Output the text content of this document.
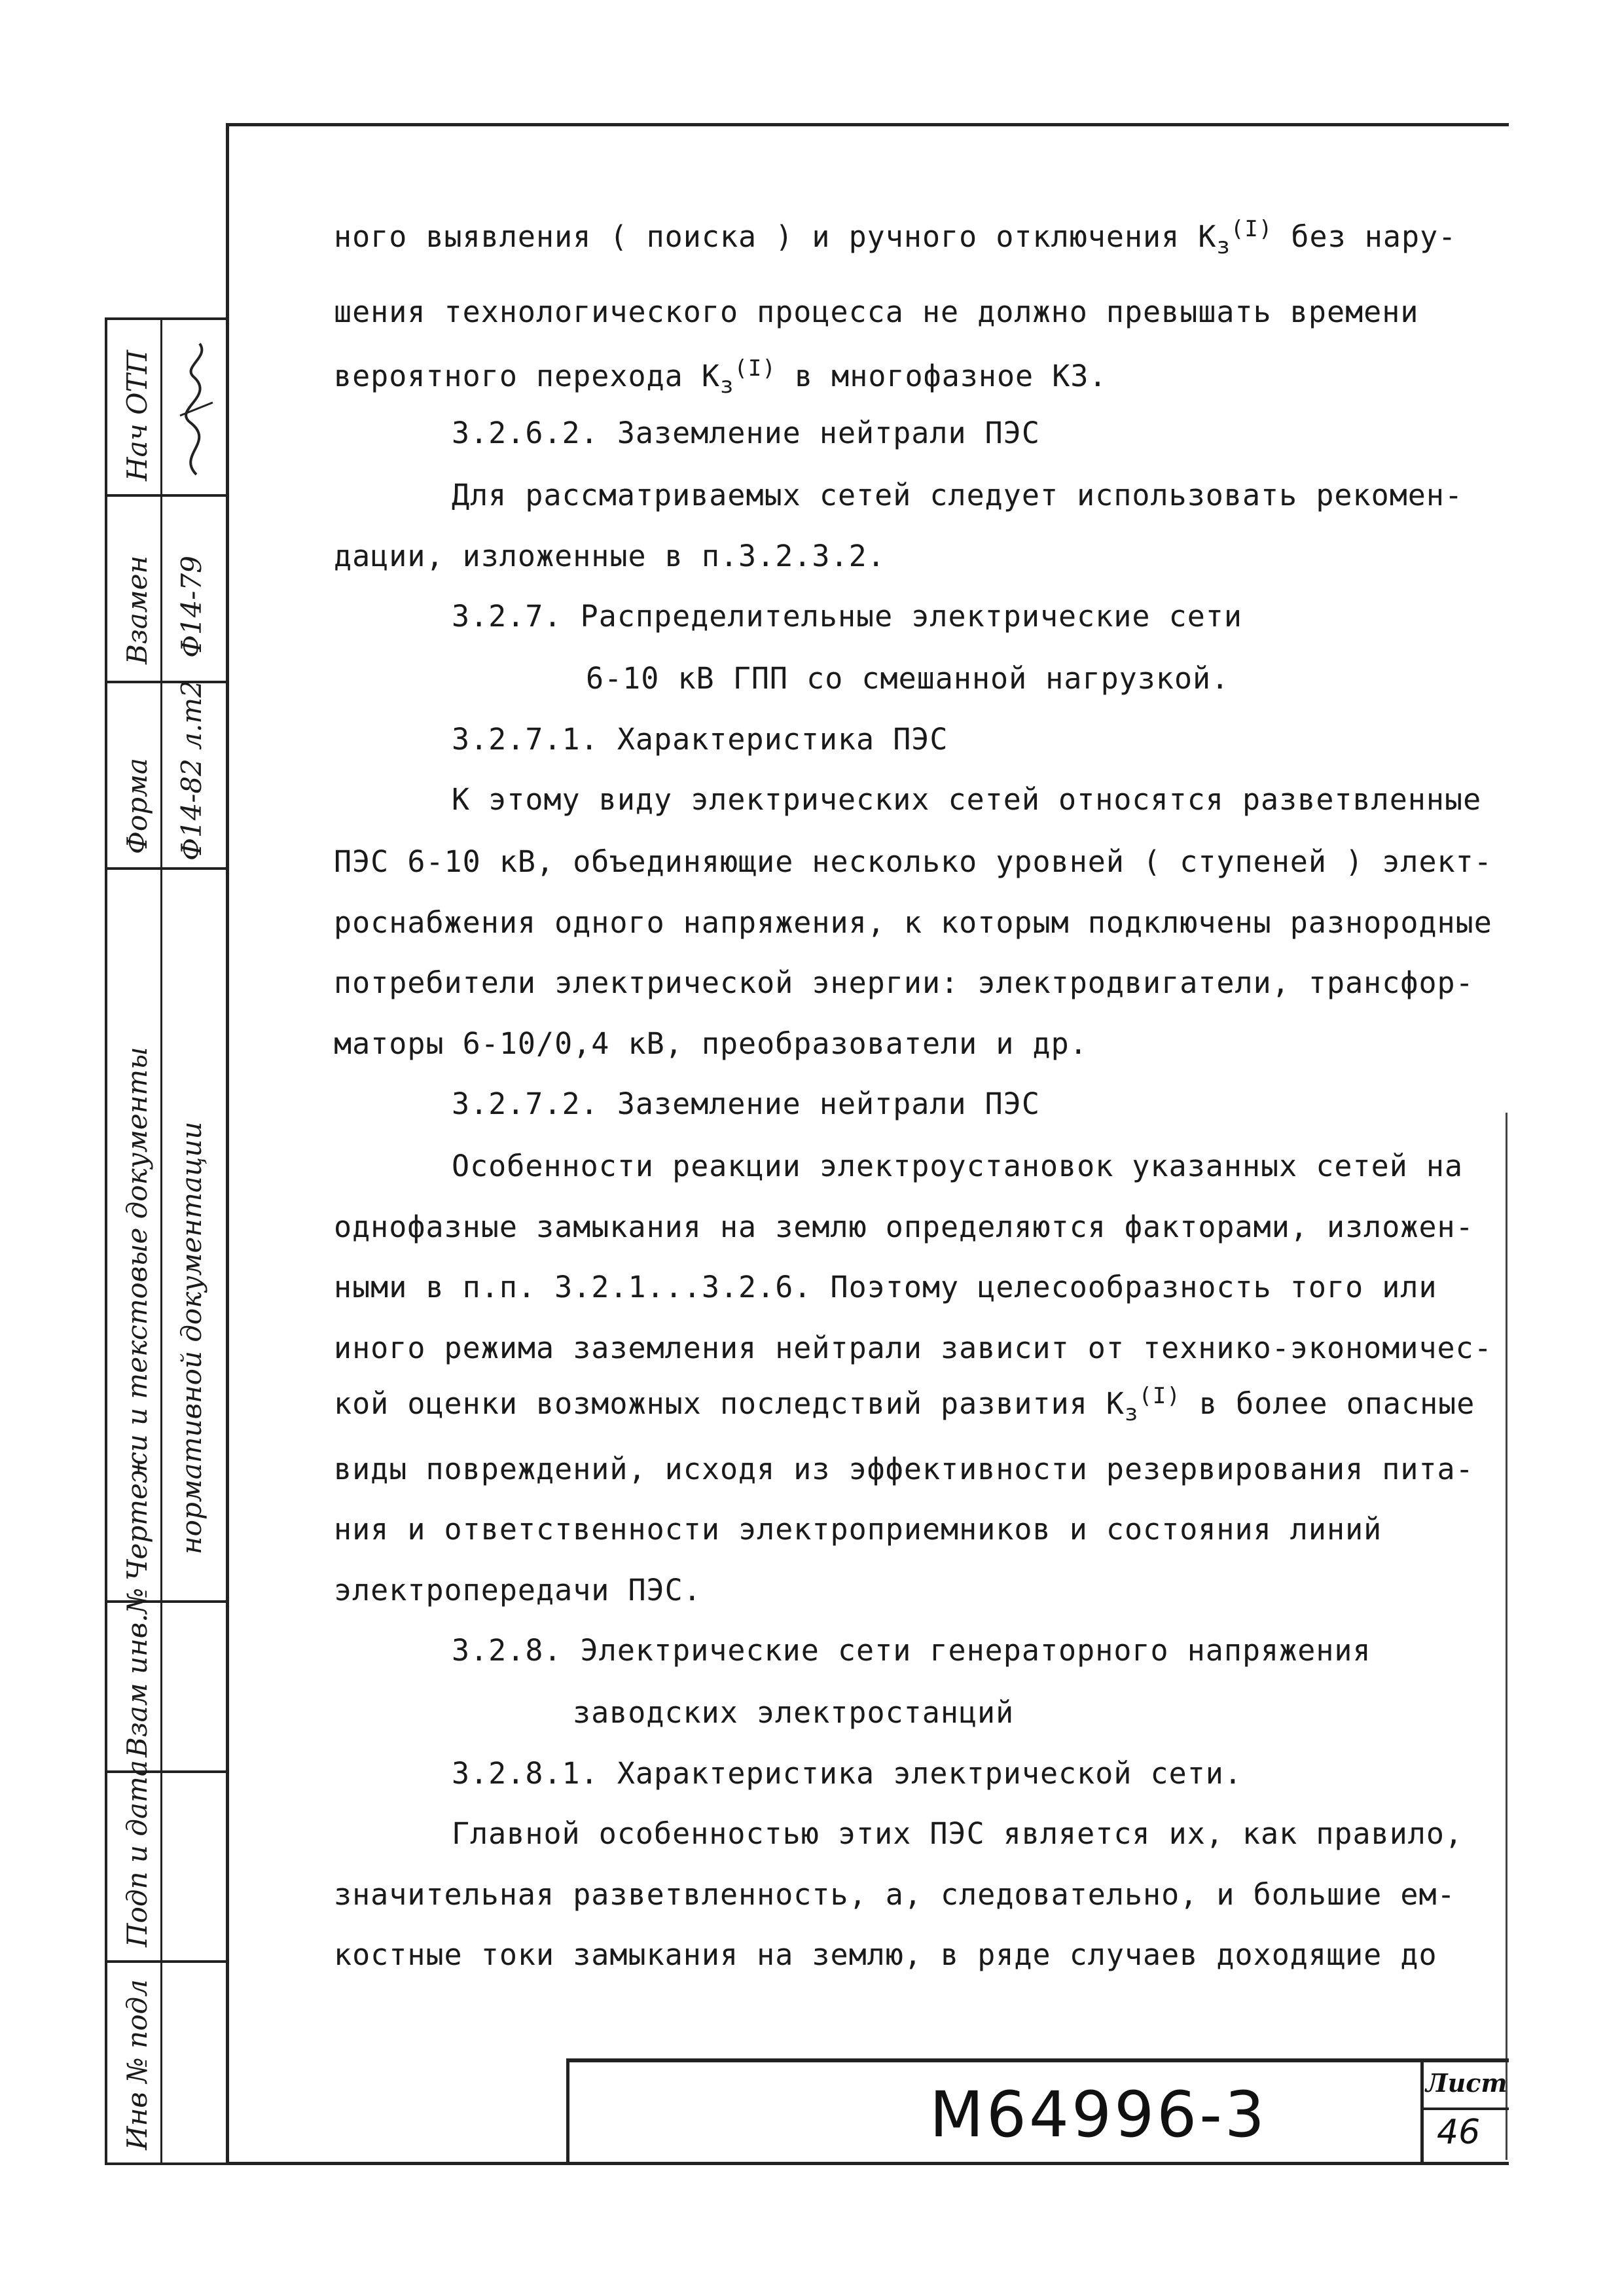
Нач ОТП
Взамен Ф14-79
Форма Ф14-82 л.т2
Чертежи и текстовые документы нормативной документации
Взам инв.№
Подп и дата
Инв № подл
ного выявления ( поиска ) и ручного отключения $К_з^{(I)}$ без нару-
шения технологического процесса не должно превышать времени
вероятного перехода $К_з^{(I)}$ в многофазное КЗ.
3.2.6.2. Заземление нейтрали ПЭС
Для рассматриваемых сетей следует использовать рекомен-
дации, изложенные в п.3.2.3.2.
3.2.7. Распределительные электрические сети
6-10 кВ ГПП со смешанной нагрузкой.
3.2.7.1. Характеристика ПЭС
К этому виду электрических сетей относятся разветвленные
ПЭС 6-10 кВ, объединяющие несколько уровней ( ступеней ) элект-
роснабжения одного напряжения, к которым подключены разнородные
потребители электрической энергии: электродвигатели, трансфор-
маторы 6-10/0,4 кВ, преобразователи и др.
3.2.7.2. Заземление нейтрали ПЭС
Особенности реакции электроустановок указанных сетей на
однофазные замыкания на землю определяются факторами, изложен-
ными в п.п. 3.2.1...3.2.6. Поэтому целесообразность того или
иного режима заземления нейтрали зависит от технико-экономичес-
кой оценки возможных последствий развития $К_з^{(I)}$ в более опасные
виды повреждений, исходя из эффективности резервирования пита-
ния и ответственности электроприемников и состояния линий
электропередачи ПЭС.
3.2.8. Электрические сети генераторного напряжения
заводских электростанций
3.2.8.1. Характеристика электрической сети.
Главной особенностью этих ПЭС является их, как правило,
значительная разветвленность, а, следовательно, и большие ем-
костные токи замыкания на землю, в ряде случаев доходящие до
М64996-3	Лист
46
